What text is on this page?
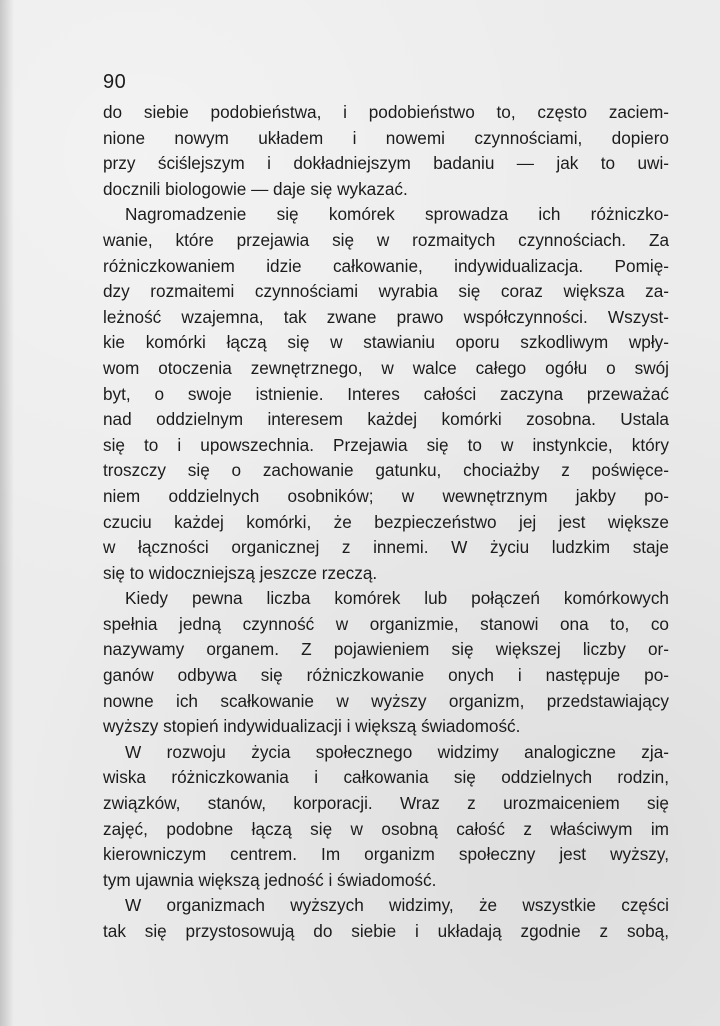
90
do siebie podobieństwa, i podobieństwo to, często zaciem-
nione nowym układem i nowemi czynnościami, dopiero
przy ściślejszym i dokładniejszym badaniu — jak to uwi-
docznili biologowie — daje się wykazać.
Nagromadzenie się komórek sprowadza ich różniczko-
wanie, które przejawia się w rozmaitych czynnościach. Za
różniczkowaniem idzie całkowanie, indywidualizacja. Pomię-
dzy rozmaitemi czynnościami wyrabia się coraz większa za-
leżność wzajemna, tak zwane prawo współczynności. Wszyst-
kie komórki łączą się w stawianiu oporu szkodliwym wpły-
wom otoczenia zewnętrznego, w walce całego ogółu o swój
byt, o swoje istnienie. Interes całości zaczyna przeważać
nad oddzielnym interesem każdej komórki zosobna. Ustala
się to i upowszechnia. Przejawia się to w instynkcie, który
troszczy się o zachowanie gatunku, chociażby z poświęce-
niem oddzielnych osobników; w wewnętrznym jakby po-
czuciu każdej komórki, że bezpieczeństwo jej jest większe
w łączności organicznej z innemi. W życiu ludzkim staje
się to widoczniejszą jeszcze rzeczą.
Kiedy pewna liczba komórek lub połączeń komórkowych
spełnia jedną czynność w organizmie, stanowi ona to, co
nazywamy organem. Z pojawieniem się większej liczby or-
ganów odbywa się różniczkowanie onych i następuje po-
nowne ich scałkowanie w wyższy organizm, przedstawiający
wyższy stopień indywidualizacji i większą świadomość.
W rozwoju życia społecznego widzimy analogiczne zja-
wiska różniczkowania i całkowania się oddzielnych rodzin,
związków, stanów, korporacji. Wraz z urozmaiceniem się
zajęć, podobne łączą się w osobną całość z właściwym im
kierowniczym centrem. Im organizm społeczny jest wyższy,
tym ujawnia większą jedność i świadomość.
W organizmach wyższych widzimy, że wszystkie części
tak się przystosowują do siebie i układają zgodnie z sobą,
